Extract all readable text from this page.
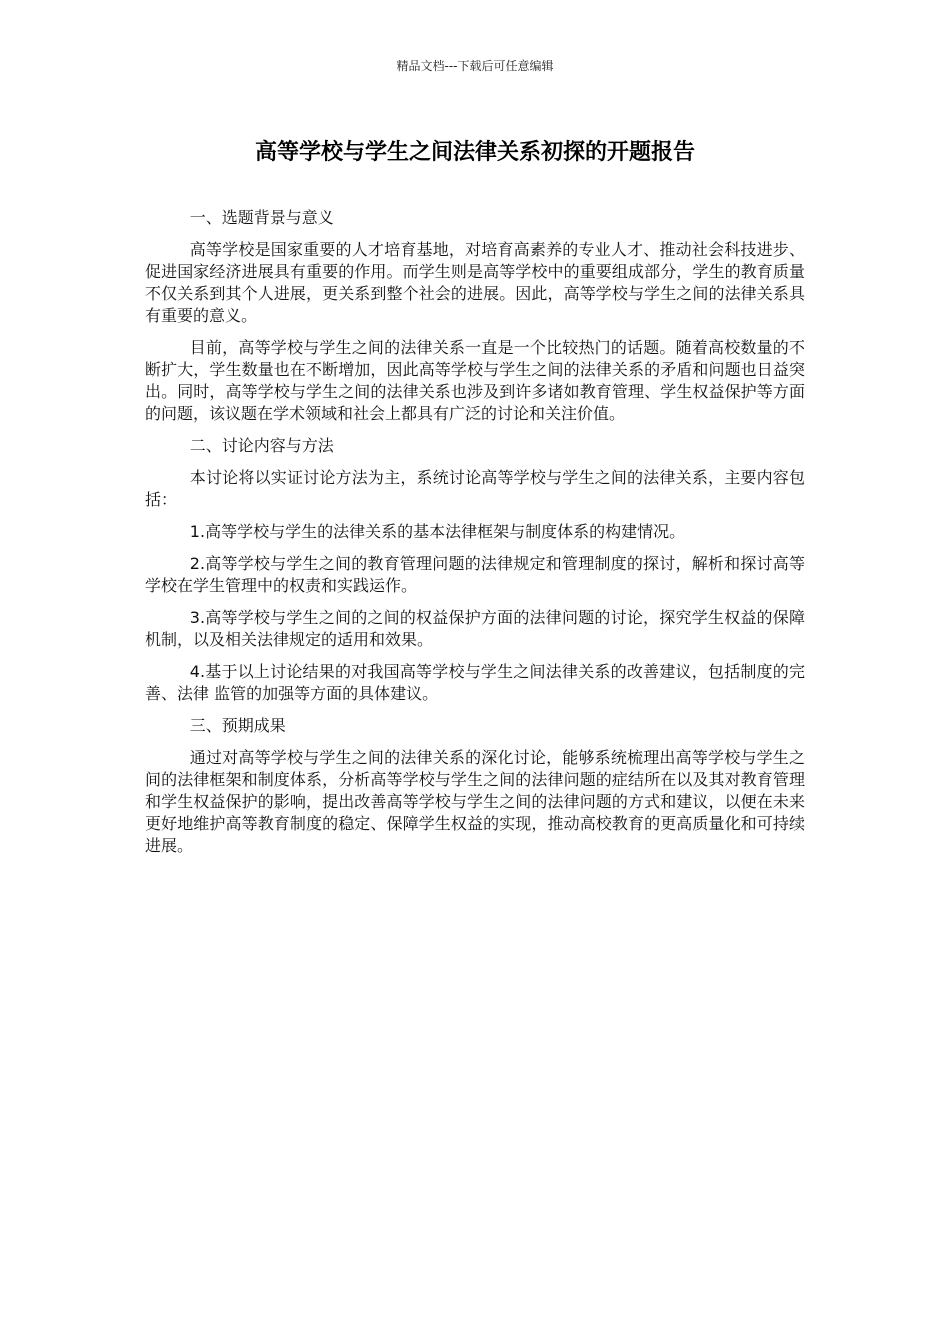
精品文档---下载后可任意编辑
高等学校与学生之间法律关系初探的开题报告

一、选题背景与意义

高等学校是国家重要的人才培育基地，对培育高素养的专业人才、推动社会科技进步、促进国家经济进展具有重要的作用。而学生则是高等学校中的重要组成部分，学生的教育质量不仅关系到其个人进展，更关系到整个社会的进展。因此，高等学校与学生之间的法律关系具有重要的意义。

目前，高等学校与学生之间的法律关系一直是一个比较热门的话题。随着高校数量的不断扩大，学生数量也在不断增加，因此高等学校与学生之间的法律关系的矛盾和问题也日益突出。同时，高等学校与学生之间的法律关系也涉及到许多诸如教育管理、学生权益保护等方面的问题，该议题在学术领域和社会上都具有广泛的讨论和关注价值。

二、讨论内容与方法

本讨论将以实证讨论方法为主，系统讨论高等学校与学生之间的法律关系，主要内容包括：

1.高等学校与学生的法律关系的基本法律框架与制度体系的构建情况。

2.高等学校与学生之间的教育管理问题的法律规定和管理制度的探讨，解析和探讨高等学校在学生管理中的权责和实践运作。

3.高等学校与学生之间的之间的权益保护方面的法律问题的讨论，探究学生权益的保障机制，以及相关法律规定的适用和效果。

4.基于以上讨论结果的对我国高等学校与学生之间法律关系的改善建议，包括制度的完善、法律 监管的加强等方面的具体建议。

三、预期成果

通过对高等学校与学生之间的法律关系的深化讨论，能够系统梳理出高等学校与学生之间的法律框架和制度体系，分析高等学校与学生之间的法律问题的症结所在以及其对教育管理和学生权益保护的影响，提出改善高等学校与学生之间的法律问题的方式和建议，以便在未来更好地维护高等教育制度的稳定、保障学生权益的实现，推动高校教育的更高质量化和可持续进展。
